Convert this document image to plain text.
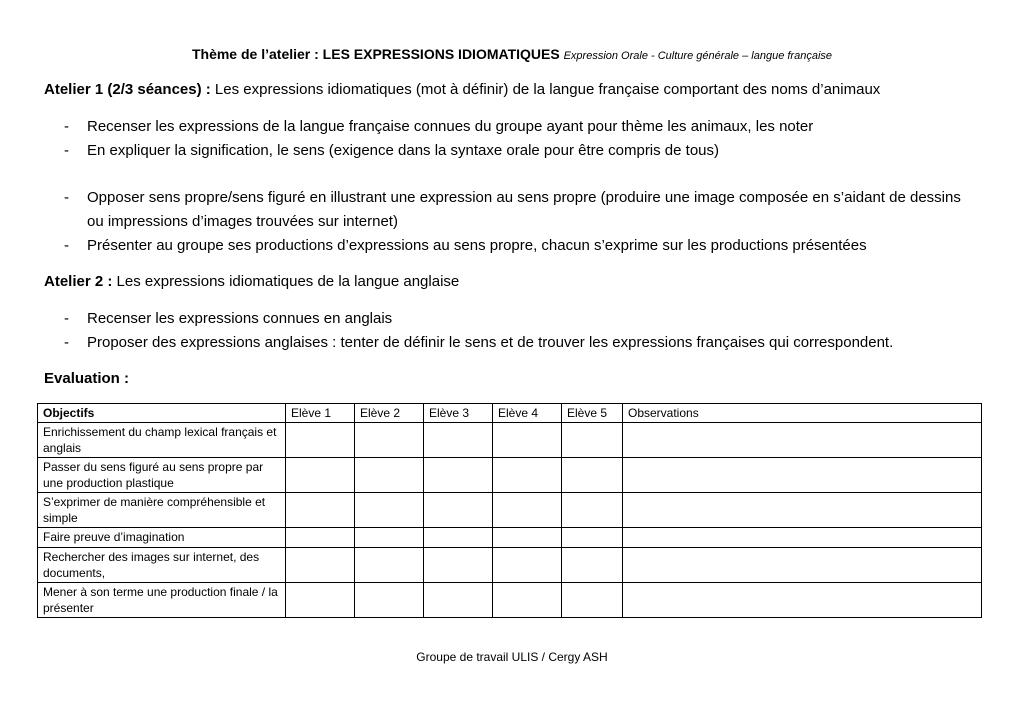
Thème de l’atelier : LES EXPRESSIONS IDIOMATIQUES Expression Orale - Culture générale – langue française
Atelier 1 (2/3 séances) : Les expressions idiomatiques (mot à définir) de la langue française comportant des noms d’animaux
- Recenser les expressions de la langue française connues du groupe ayant pour thème les animaux, les noter
- En expliquer la signification, le sens (exigence dans la syntaxe orale pour être compris de tous)
- Opposer sens propre/sens figuré en illustrant une expression au sens propre (produire une image composée en s’aidant de dessins ou impressions d’images trouvées sur internet)
- Présenter au groupe ses productions d’expressions au sens propre, chacun s’exprime sur les productions présentées
Atelier 2 : Les expressions idiomatiques de la langue anglaise
- Recenser les expressions connues en anglais
- Proposer des expressions anglaises : tenter de définir le sens et de trouver les expressions françaises qui correspondent.
Evaluation :
Objectifs	Elève 1	Elève 2	Elève 3	Elève 4	Elève 5	Observations
Enrichissement du champ lexical français et anglais						
Passer du sens figuré au sens propre par une production plastique						
S’exprimer de manière compréhensible et simple						
Faire preuve d’imagination						
Rechercher des images sur internet, des documents,						
Mener à son terme une production finale / la présenter						
Groupe de travail ULIS / Cergy ASH
